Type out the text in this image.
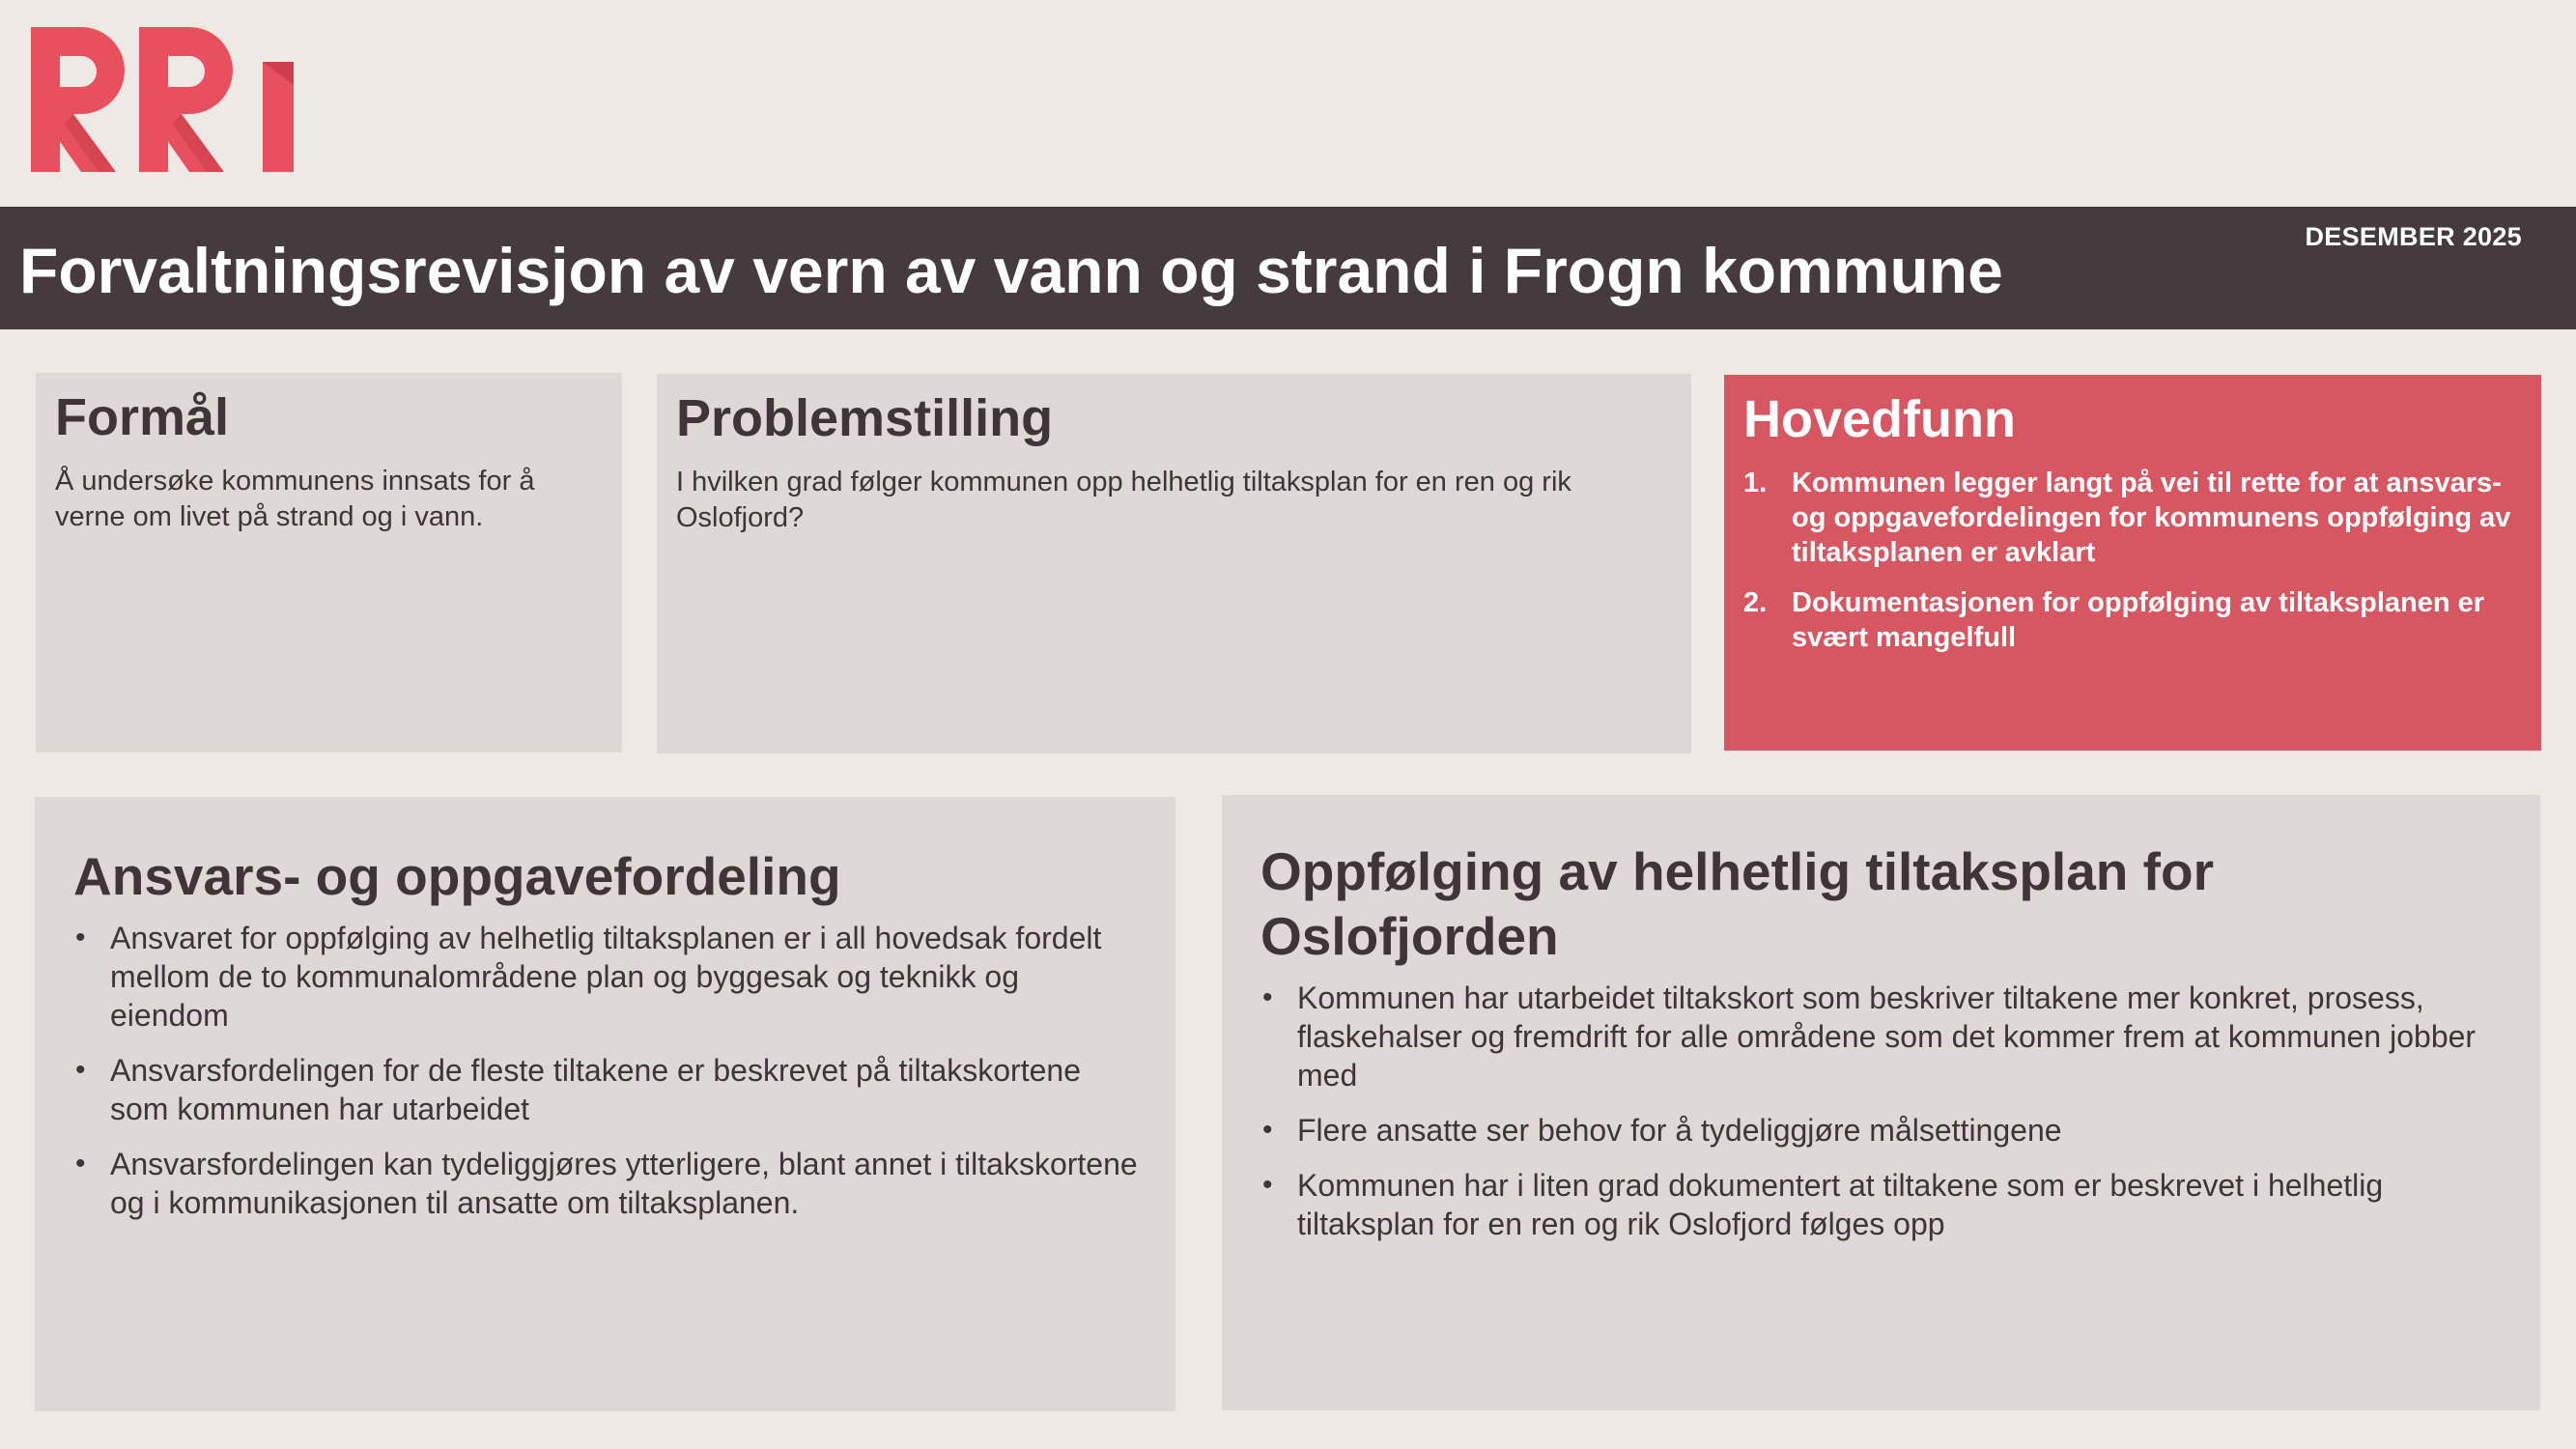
Forvaltningsrevisjon av vern av vann og strand i Frogn kommune	DESEMBER 2025
Formål

Å undersøke kommunens innsats for å verne om livet på strand og i vann.

Problemstilling

I hvilken grad følger kommunen opp helhetlig tiltaksplan for en ren og rik Oslofjord?

Hovedfunn
1. Kommunen legger langt på vei til rette for at ansvars- og oppgavefordelingen for kommunens oppfølging av tiltaksplanen er avklart
2. Dokumentasjonen for oppfølging av tiltaksplanen er svært mangelfull
Ansvars- og oppgavefordeling
• Ansvaret for oppfølging av helhetlig tiltaksplanen er i all hovedsak fordelt mellom de to kommunalområdene plan og byggesak og teknikk og eiendom
• Ansvarsfordelingen for de fleste tiltakene er beskrevet på tiltakskortene som kommunen har utarbeidet
• Ansvarsfordelingen kan tydeliggjøres ytterligere, blant annet i tiltakskortene og i kommunikasjonen til ansatte om tiltaksplanen.
Oppfølging av helhetlig tiltaksplan for Oslofjorden
• Kommunen har utarbeidet tiltakskort som beskriver tiltakene mer konkret, prosess, flaskehalser og fremdrift for alle områdene som det kommer frem at kommunen jobber med
• Flere ansatte ser behov for å tydeliggjøre målsettingene
• Kommunen har i liten grad dokumentert at tiltakene som er beskrevet i helhetlig tiltaksplan for en ren og rik Oslofjord følges opp
